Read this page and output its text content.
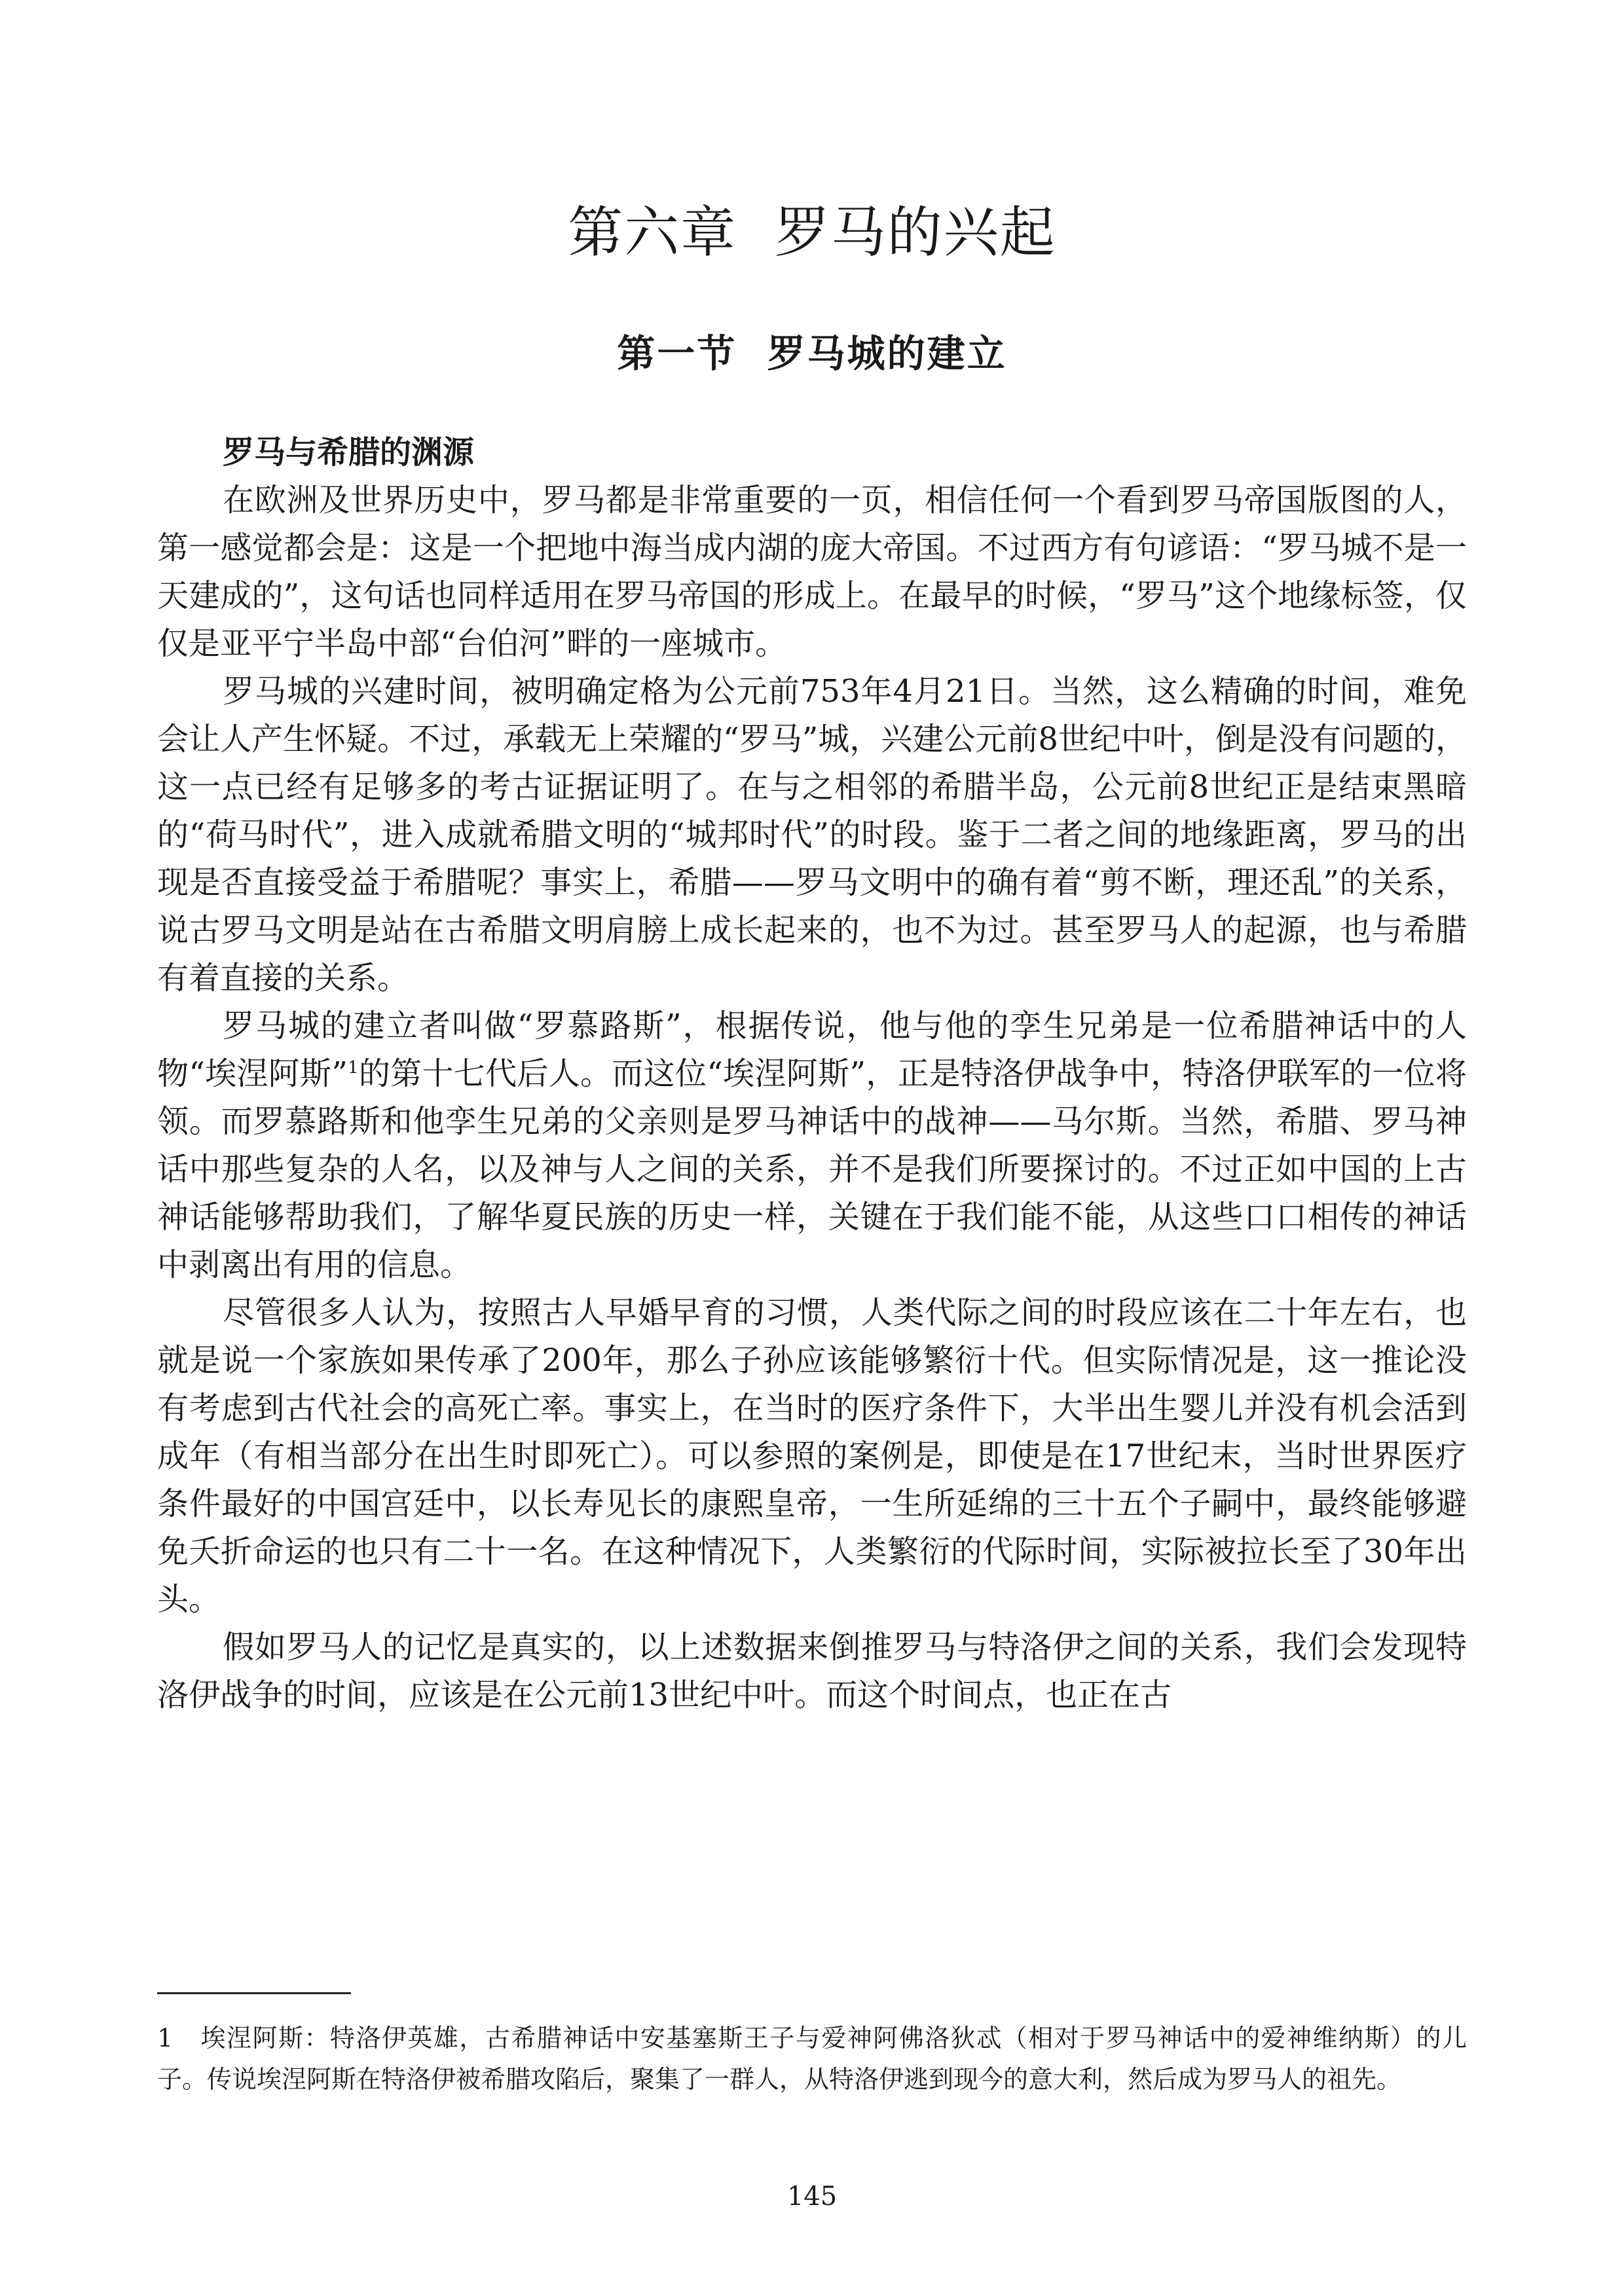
第六章  罗马的兴起
第一节  罗马城的建立

罗马与希腊的渊源

在欧洲及世界历史中，罗马都是非常重要的一页，相信任何一个看到罗马帝国版图的人，第一感觉都会是：这是一个把地中海当成内湖的庞大帝国。不过西方有句谚语：“罗马城不是一天建成的”，这句话也同样适用在罗马帝国的形成上。在最早的时候，“罗马”这个地缘标签，仅仅是亚平宁半岛中部“台伯河”畔的一座城市。

罗马城的兴建时间，被明确定格为公元前753年4月21日。当然，这么精确的时间，难免会让人产生怀疑。不过，承载无上荣耀的“罗马”城，兴建公元前8世纪中叶，倒是没有问题的，这一点已经有足够多的考古证据证明了。在与之相邻的希腊半岛，公元前8世纪正是结束黑暗的“荷马时代”，进入成就希腊文明的“城邦时代”的时段。鉴于二者之间的地缘距离，罗马的出现是否直接受益于希腊呢？事实上，希腊——罗马文明中的确有着“剪不断，理还乱”的关系，说古罗马文明是站在古希腊文明肩膀上成长起来的，也不为过。甚至罗马人的起源，也与希腊有着直接的关系。

罗马城的建立者叫做“罗慕路斯”，根据传说，他与他的孪生兄弟是一位希腊神话中的人物“埃涅阿斯”$^1$的第十七代后人。而这位“埃涅阿斯”，正是特洛伊战争中，特洛伊联军的一位将领。而罗慕路斯和他孪生兄弟的父亲则是罗马神话中的战神——马尔斯。当然，希腊、罗马神话中那些复杂的人名，以及神与人之间的关系，并不是我们所要探讨的。不过正如中国的上古神话能够帮助我们，了解华夏民族的历史一样，关键在于我们能不能，从这些口口相传的神话中剥离出有用的信息。

尽管很多人认为，按照古人早婚早育的习惯，人类代际之间的时段应该在二十年左右，也就是说一个家族如果传承了200年，那么子孙应该能够繁衍十代。但实际情况是，这一推论没有考虑到古代社会的高死亡率。事实上，在当时的医疗条件下，大半出生婴儿并没有机会活到成年（有相当部分在出生时即死亡）。可以参照的案例是，即使是在17世纪末，当时世界医疗条件最好的中国宫廷中，以长寿见长的康熙皇帝，一生所延绵的三十五个子嗣中，最终能够避免夭折命运的也只有二十一名。在这种情况下，人类繁衍的代际时间，实际被拉长至了30年出头。

假如罗马人的记忆是真实的，以上述数据来倒推罗马与特洛伊之间的关系，我们会发现特洛伊战争的时间，应该是在公元前13世纪中叶。而这个时间点，也正在古

1 埃涅阿斯：特洛伊英雄，古希腊神话中安基塞斯王子与爱神阿佛洛狄忒（相对于罗马神话中的爱神维纳斯）的儿子。传说埃涅阿斯在特洛伊被希腊攻陷后，聚集了一群人，从特洛伊逃到现今的意大利，然后成为罗马人的祖先。

145
